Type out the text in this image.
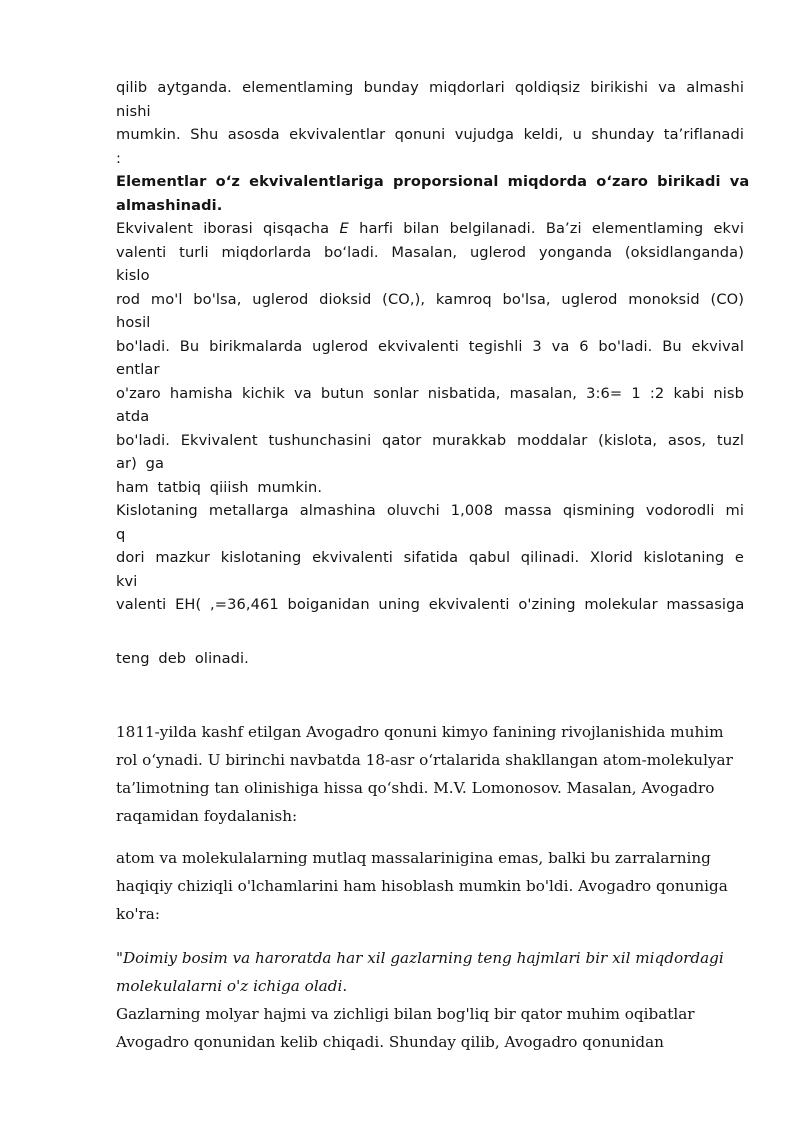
qilib aytganda. elementlaming bunday miqdorlari qoldiqsiz birikishi va almashi
nishi
mumkin. Shu asosda ekvivalentlar qonuni vujudga keldi, u shunday ta’riflanadi
:
Elementlar o‘z ekvivalentlariga proporsional miqdorda o‘zaro birikadi va
almashinadi.
Ekvivalent iborasi qisqacha E harfi bilan belgilanadi. Ba’zi elementlaming ekvi
valenti turli miqdorlarda bo‘ladi. Masalan, uglerod yonganda (oksidlanganda)
kislo
rod mo'l bo'lsa, uglerod dioksid (CO,), kamroq bo'lsa, uglerod monoksid (CO)
hosil
bo'ladi. Bu birikmalarda uglerod ekvivalenti tegishli 3 va 6 bo'ladi. Bu ekvival
entlar
o'zaro hamisha kichik va butun sonlar nisbatida, masalan, 3:6= 1 :2 kabi nisb
atda
bo'ladi. Ekvivalent tushunchasini qator murakkab moddalar (kislota, asos, tuzl
ar) ga
ham tatbiq qiiish mumkin.
Kislotaning metallarga almashina oluvchi 1,008 massa qismining vodorodli mi
q
dori mazkur kislotaning ekvivalenti sifatida qabul qilinadi. Xlorid kislotaning e
kvi
valenti EH( ,=36,461 boiganidan uning ekvivalenti o'zining molekular massasiga
teng deb olinadi.
1811-yilda kashf etilgan Avogadro qonuni kimyo fanining rivojlanishida muhim
rol o‘ynadi. U birinchi navbatda 18-asr o‘rtalarida shakllangan atom-molekulyar
ta’limotning tan olinishiga hissa qo‘shdi. M.V. Lomonosov. Masalan, Avogadro
raqamidan foydalanish:
atom va molekulalarning mutlaq massalarinigina emas, balki bu zarralarning
haqiqiy chiziqli o'lchamlarini ham hisoblash mumkin bo'ldi. Avogadro qonuniga
ko'ra:
"Doimiy bosim va haroratda har xil gazlarning teng hajmlari bir xil miqdordagi
molekulalarni o'z ichiga oladi.
Gazlarning molyar hajmi va zichligi bilan bog'liq bir qator muhim oqibatlar
Avogadro qonunidan kelib chiqadi. Shunday qilib, Avogadro qonunidan
